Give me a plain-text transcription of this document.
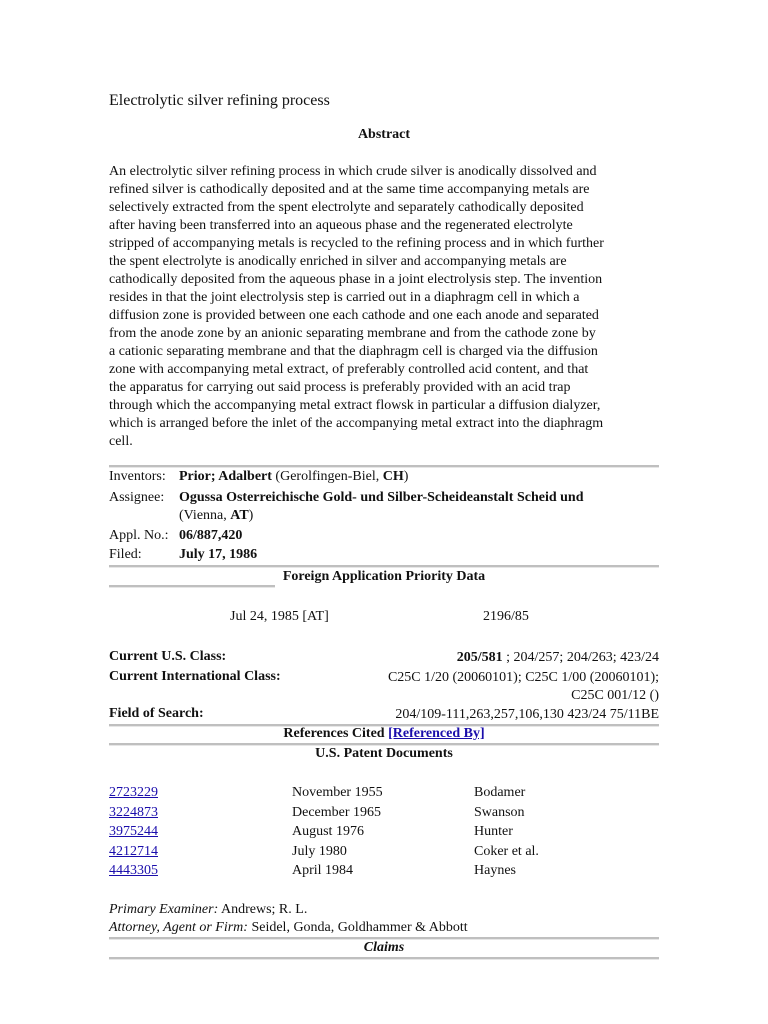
Electrolytic silver refining process
Abstract
An electrolytic silver refining process in which crude silver is anodically dissolved and
refined silver is cathodically deposited and at the same time accompanying metals are
selectively extracted from the spent electrolyte and separately cathodically deposited
after having been transferred into an aqueous phase and the regenerated electrolyte
stripped of accompanying metals is recycled to the refining process and in which further
the spent electrolyte is anodically enriched in silver and accompanying metals are
cathodically deposited from the aqueous phase in a joint electrolysis step. The invention
resides in that the joint electrolysis step is carried out in a diaphragm cell in which a
diffusion zone is provided between one each cathode and one each anode and separated
from the anode zone by an anionic separating membrane and from the cathode zone by
a cationic separating membrane and that the diaphragm cell is charged via the diffusion
zone with accompanying metal extract, of preferably controlled acid content, and that
the apparatus for carrying out said process is preferably provided with an acid trap
through which the accompanying metal extract flowsk in particular a diffusion dialyzer,
which is arranged before the inlet of the accompanying metal extract into the diaphragm
cell.
Inventors: Prior; Adalbert (Gerolfingen-Biel, CH)
Assignee: Ogussa Osterreichische Gold- und Silber-Scheideanstalt Scheid und
(Vienna, AT)
Appl. No.: 06/887,420
Filed:	July 17, 1986
Foreign Application Priority Data
Jul 24, 1985 [AT]	2196/85
Current U.S. Class:	205/581 ; 204/257; 204/263; 423/24
Current International Class:	C25C 1/20 (20060101); C25C 1/00 (20060101);
C25C 001/12 ()
Field of Search:	204/109-111,263,257,106,130 423/24 75/11BE
References Cited [Referenced By]
U.S. Patent Documents
2723229	November 1955	Bodamer
3224873	December 1965	Swanson
3975244	August 1976	Hunter
4212714	July 1980	Coker et al.
4443305	April 1984	Haynes
Primary Examiner: Andrews; R. L.
Attorney, Agent or Firm: Seidel, Gonda, Goldhammer & Abbott
Claims
